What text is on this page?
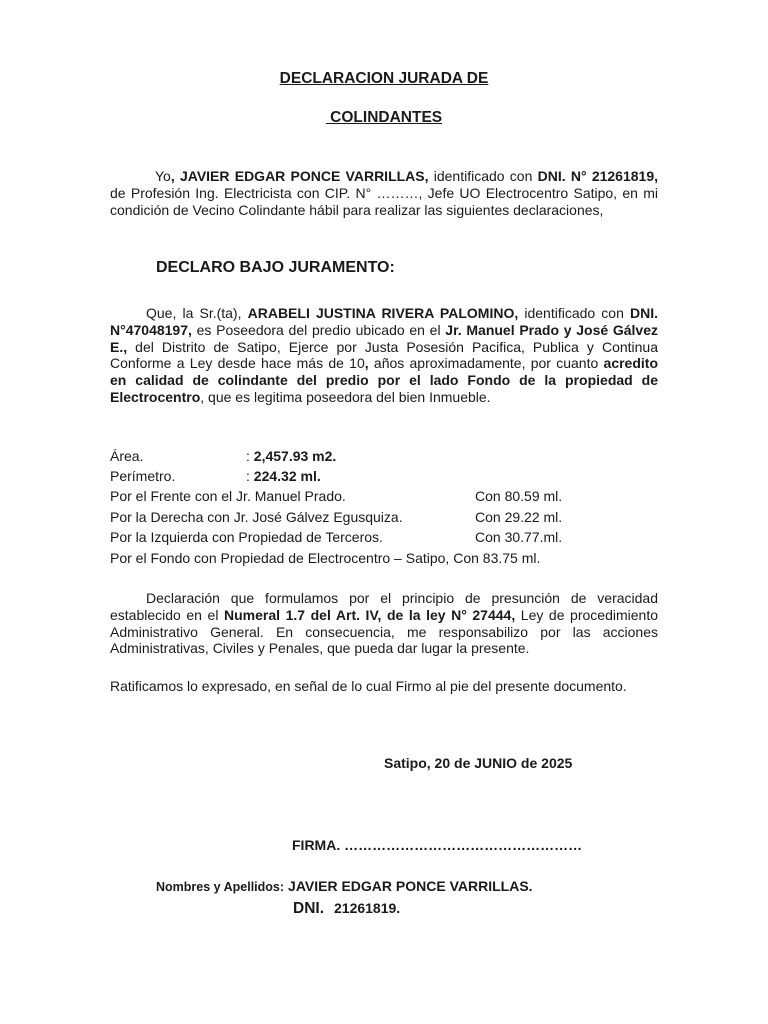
DECLARACION JURADA DE
COLINDANTES

Yo, JAVIER EDGAR PONCE VARRILLAS, identificado con DNI. N° 21261819, de Profesión Ing. Electricista con CIP. N° ………, Jefe UO Electrocentro Satipo, en mi condición de Vecino Colindante hábil para realizar las siguientes declaraciones,

DECLARO BAJO JURAMENTO:

Que, la Sr.(ta), ARABELI JUSTINA RIVERA PALOMINO, identificado con DNI. N°47048197, es Poseedora del predio ubicado en el Jr. Manuel Prado y José Gálvez E., del Distrito de Satipo, Ejerce por Justa Posesión Pacifica, Publica y Continua Conforme a Ley desde hace más de 10, años aproximadamente, por cuanto acredito en calidad de colindante del predio por el lado Fondo de la propiedad de Electrocentro, que es legitima poseedora del bien Inmueble.

Área.	: 2,457.93 m2.
Perímetro.	: 224.32 ml.
Por el Frente con el Jr. Manuel Prado.	Con 80.59 ml.
Por la Derecha con Jr. José Gálvez Egusquiza.	Con 29.22 ml.
Por la Izquierda con Propiedad de Terceros.	Con 30.77.ml.
Por el Fondo con Propiedad de Electrocentro – Satipo, Con 83.75 ml.

Declaración que formulamos por el principio de presunción de veracidad establecido en el Numeral 1.7 del Art. IV, de la ley N° 27444, Ley de procedimiento Administrativo General. En consecuencia, me responsabilizo por las acciones Administrativas, Civiles y Penales, que pueda dar lugar la presente.

Ratificamos lo expresado, en señal de lo cual Firmo al pie del presente documento.

Satipo, 20 de JUNIO de 2025
FIRMA. ……………………………………………
Nombres y Apellidos: JAVIER EDGAR PONCE VARRILLAS.
DNI. 21261819.
